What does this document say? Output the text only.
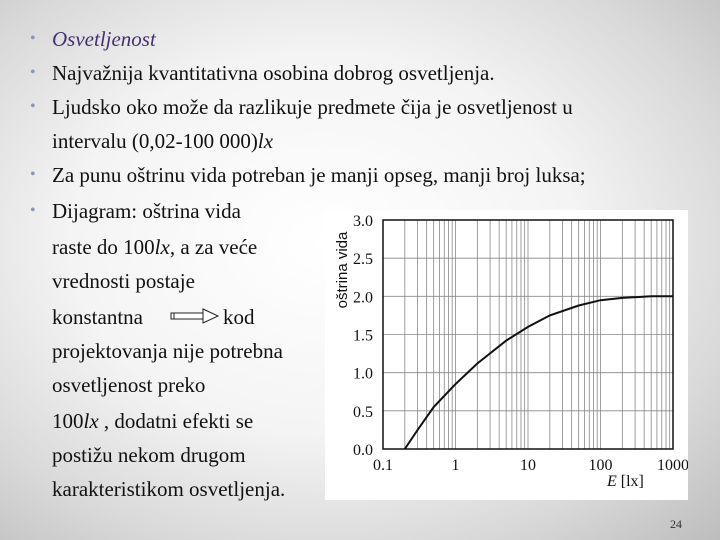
• Osvetljenost
• Najvažnija kvantitativna osobina dobrog osvetljenja.
• Ljudsko oko može da razlikuje predmete čija je osvetljenost u
intervalu (0,02-100 000)lx
• Za punu oštrinu vida potreban je manji opseg, manji broj luksa;
• Dijagram: oštrina vida
raste do 100lx, a za veće
vrednosti postaje
konstantna	kod
projektovanja nije potrebna
osvetljenost preko
100lx , dodatni efekti se
postižu nekom drugom
karakteristikom osvetljenja.
0.0
0.5
1.0
1.5
2.0
2.5
3.0
0.1	1	10	100	1000
oštrina vida
E [lx]
24
